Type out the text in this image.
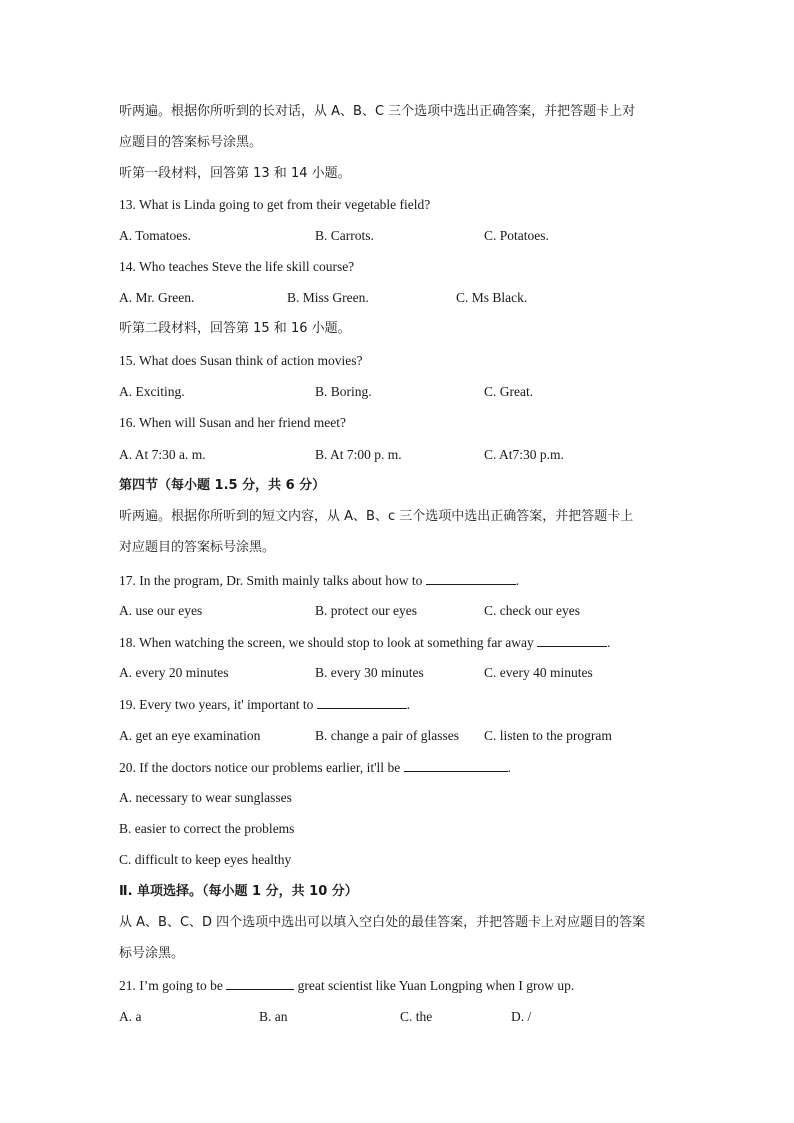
听两遍。根据你所听到的长对话，从 A、B、C 三个选项中选出正确答案，并把答题卡上对
应题目的答案标号涂黑。
听第一段材料，回答第 13 和 14 小题。
13. What is Linda going to get from their vegetable field?
A. Tomatoes.	B. Carrots.	C. Potatoes.
14. Who teaches Steve the life skill course?
A. Mr. Green.	B. Miss Green.	C. Ms Black.
听第二段材料，回答第 15 和 16 小题。
15. What does Susan think of action movies?
A. Exciting.	B. Boring.	C. Great.
16. When will Susan and her friend meet?
A. At 7:30 a. m.	B. At 7:00 p. m.	C. At7:30 p.m.
第四节（每小题 1.5 分，共 6 分）
听两遍。根据你所听到的短文内容，从 A、B、c 三个选项中选出正确答案，并把答题卡上
对应题目的答案标号涂黑。
17. In the program, Dr. Smith mainly talks about how to	.
A. use our eyes	B. protect our eyes	C. check our eyes
18. When watching the screen, we should stop to look at something far away	.
A. every 20 minutes	B. every 30 minutes	C. every 40 minutes
19. Every two years, it' important to	.
A. get an eye examination	B. change a pair of glasses C. listen to the program
20. If the doctors notice our problems earlier, it'll be	.
A. necessary to wear sunglasses
B. easier to correct the problems
C. difficult to keep eyes healthy
Ⅱ. 单项选择。（每小题 1 分，共 10 分）
从 A、B、C、D 四个选项中选出可以填入空白处的最佳答案，并把答题卡上对应题目的答案
标号涂黑。
21. I’m going to be	great scientist like Yuan Longping when I grow up.
A. a	B. an	C. the	D. /
